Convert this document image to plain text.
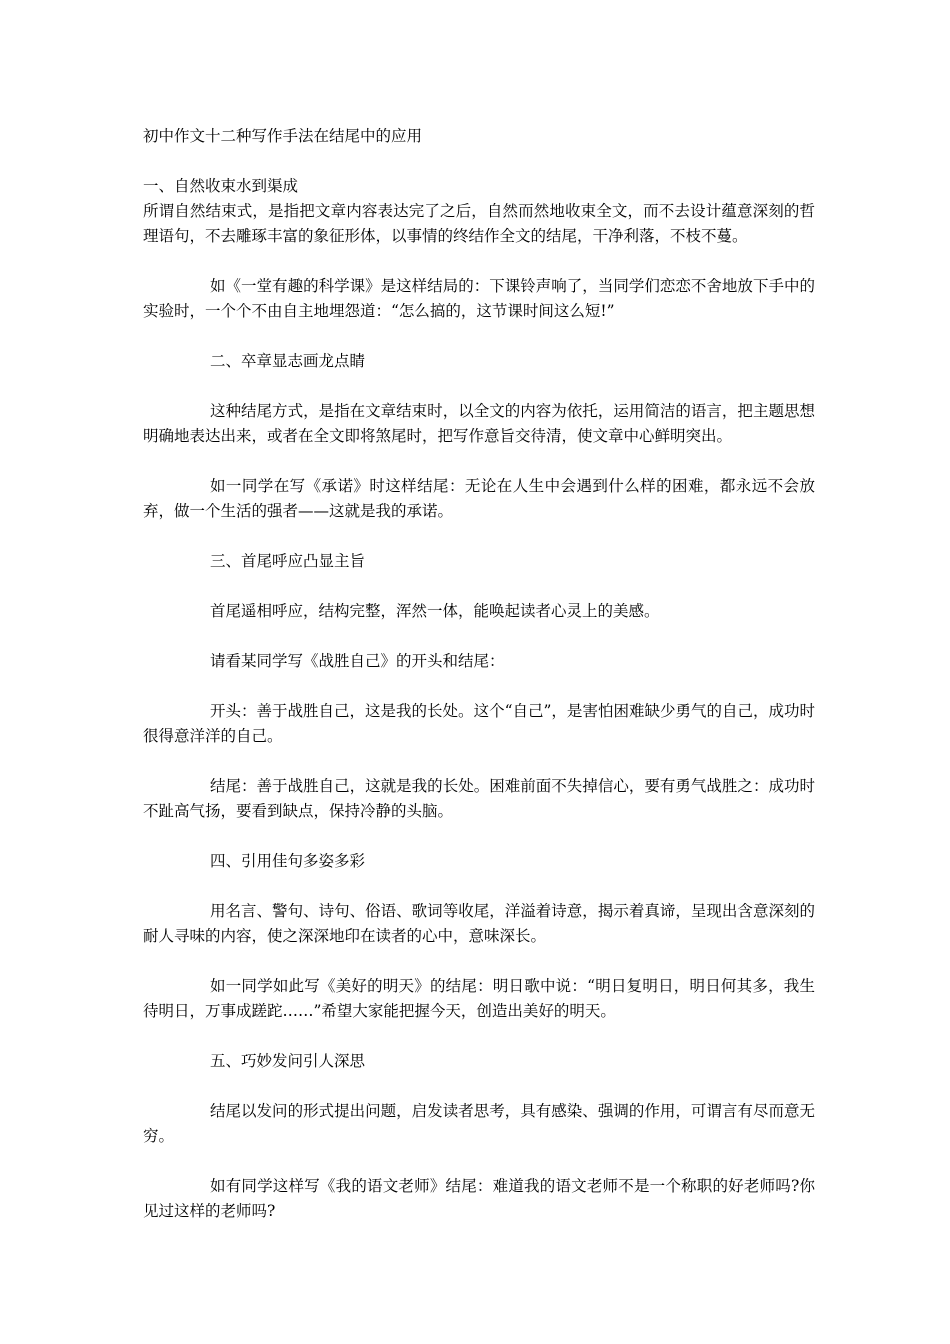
初中作文十二种写作手法在结尾中的应用

一、自然收束水到渠成

所谓自然结束式，是指把文章内容表达完了之后，自然而然地收束全文，而不去设计蕴意深刻的哲理语句，不去雕琢丰富的象征形体，以事情的终结作全文的结尾，干净利落，不枝不蔓。

如《一堂有趣的科学课》是这样结局的：下课铃声响了，当同学们恋恋不舍地放下手中的实验时，一个个不由自主地埋怨道：“怎么搞的，这节课时间这么短!”

二、卒章显志画龙点睛

这种结尾方式，是指在文章结束时，以全文的内容为依托，运用简洁的语言，把主题思想明确地表达出来，或者在全文即将煞尾时，把写作意旨交待清，使文章中心鲜明突出。

如一同学在写《承诺》时这样结尾：无论在人生中会遇到什么样的困难，都永远不会放弃，做一个生活的强者——这就是我的承诺。

三、首尾呼应凸显主旨

首尾遥相呼应，结构完整，浑然一体，能唤起读者心灵上的美感。

请看某同学写《战胜自己》的开头和结尾：

开头：善于战胜自己，这是我的长处。这个“自己”，是害怕困难缺少勇气的自己，成功时很得意洋洋的自己。

结尾：善于战胜自己，这就是我的长处。困难前面不失掉信心，要有勇气战胜之：成功时不趾高气扬，要看到缺点，保持冷静的头脑。

四、引用佳句多姿多彩

用名言、警句、诗句、俗语、歌词等收尾，洋溢着诗意，揭示着真谛，呈现出含意深刻的耐人寻味的内容，使之深深地印在读者的心中，意味深长。

如一同学如此写《美好的明天》的结尾：明日歌中说：“明日复明日，明日何其多，我生待明日，万事成蹉跎……”希望大家能把握今天，创造出美好的明天。

五、巧妙发问引人深思

结尾以发问的形式提出问题，启发读者思考，具有感染、强调的作用，可谓言有尽而意无穷。

如有同学这样写《我的语文老师》结尾：难道我的语文老师不是一个称职的好老师吗?你见过这样的老师吗?
